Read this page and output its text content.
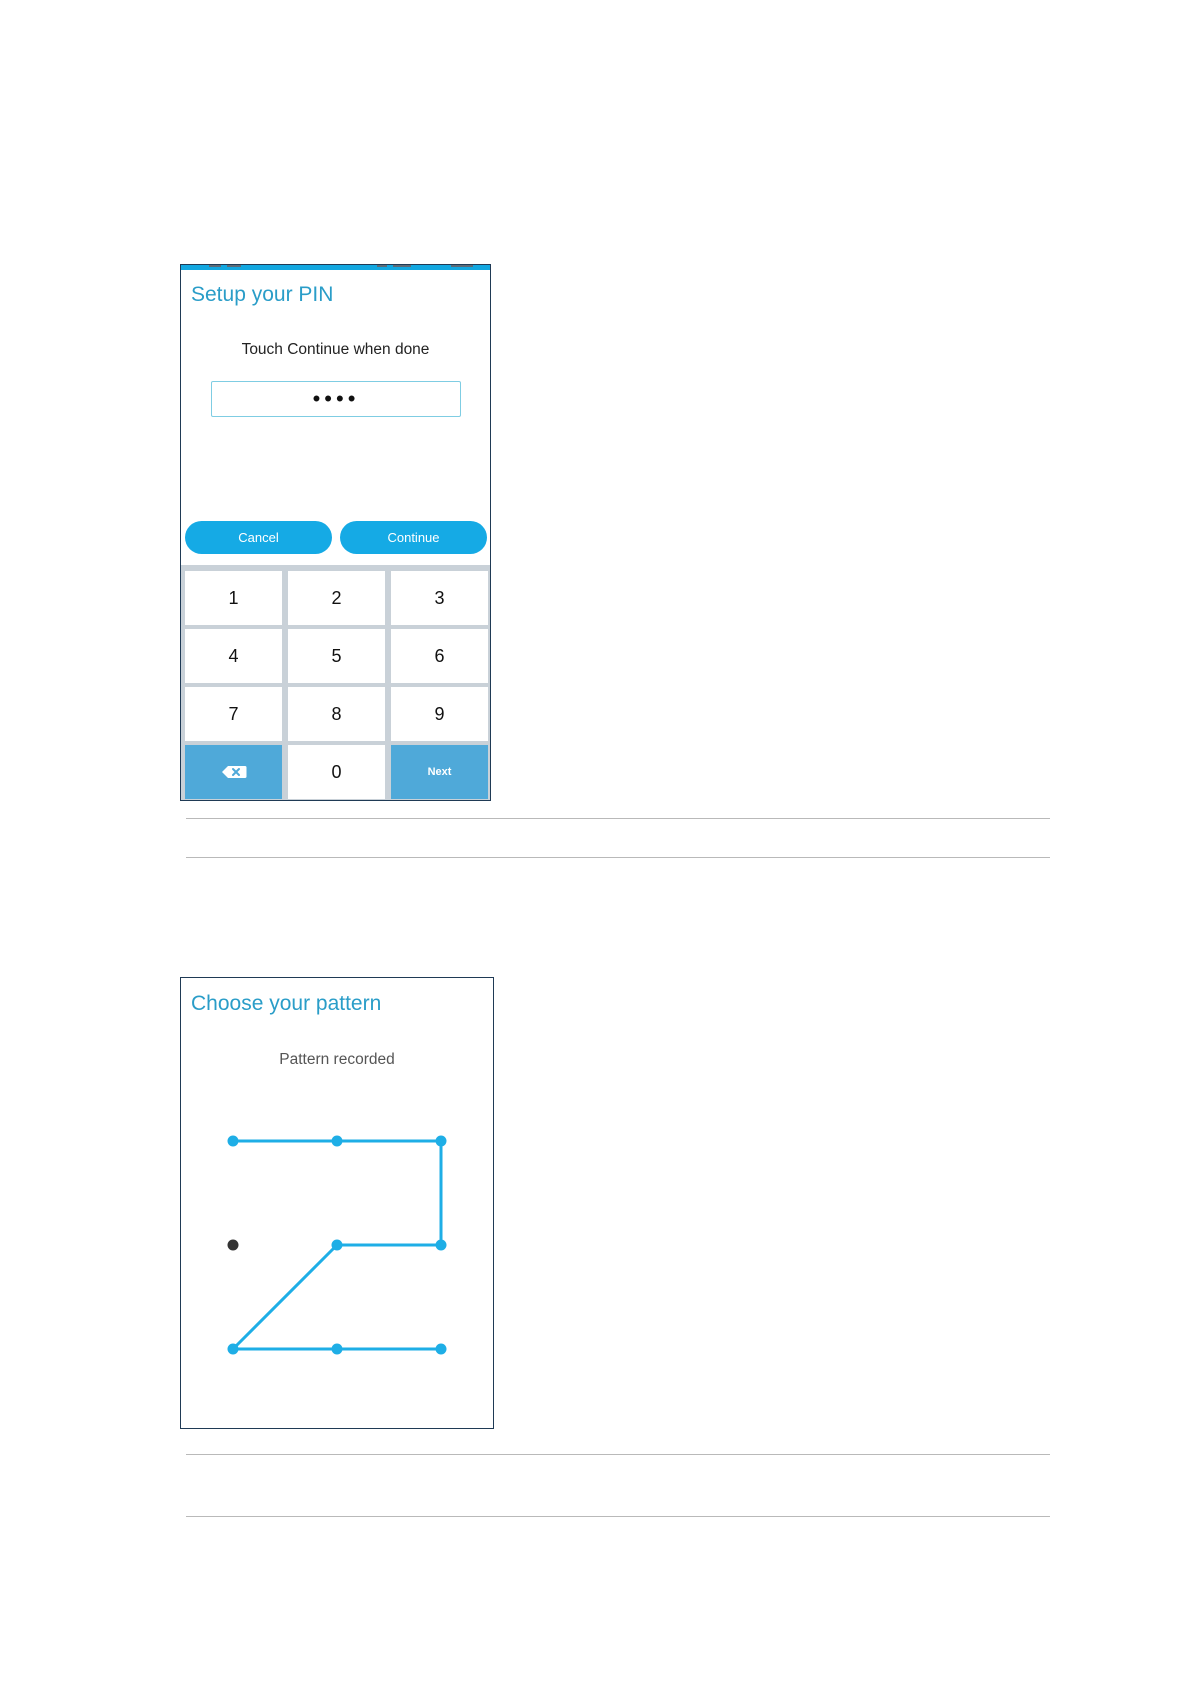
Setup your PIN
Touch Continue when done
••••
Cancel	Continue
1	2	3
4	5	6
7	8	9
0	Next
Choose your pattern
Pattern recorded
